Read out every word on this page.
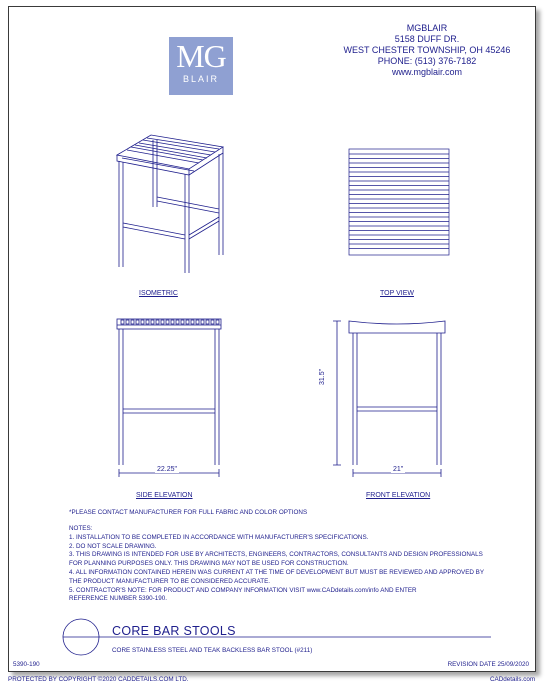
MG
BLAIR
MGBLAIR
5158 DUFF DR.
WEST CHESTER TOWNSHIP, OH 45246
PHONE: (513) 376-7182
www.mgblair.com
22.25"	21"
31.5"
ISOMETRIC	TOP VIEW
SIDE ELEVATION	FRONT ELEVATION
*PLEASE CONTACT MANUFACTURER FOR FULL FABRIC AND COLOR OPTIONS
NOTES:
1. INSTALLATION TO BE COMPLETED IN ACCORDANCE WITH MANUFACTURER'S SPECIFICATIONS.
2. DO NOT SCALE DRAWING.
3. THIS DRAWING IS INTENDED FOR USE BY ARCHITECTS, ENGINEERS, CONTRACTORS, CONSULTANTS AND DESIGN PROFESSIONALS
FOR PLANNING PURPOSES ONLY. THIS DRAWING MAY NOT BE USED FOR CONSTRUCTION.
4. ALL INFORMATION CONTAINED HEREIN WAS CURRENT AT THE TIME OF DEVELOPMENT BUT MUST BE REVIEWED AND APPROVED BY
THE PRODUCT MANUFACTURER TO BE CONSIDERED ACCURATE.
5. CONTRACTOR'S NOTE: FOR PRODUCT AND COMPANY INFORMATION VISIT www.CADdetails.com/info AND ENTER
REFERENCE NUMBER 5390-190.
CORE BAR STOOLS
CORE STAINLESS STEEL AND TEAK BACKLESS BAR STOOL (#211)
5390-190	REVISION DATE 25/09/2020
PROTECTED BY COPYRIGHT ©2020 CADDETAILS.COM LTD.	CADdetails.com
